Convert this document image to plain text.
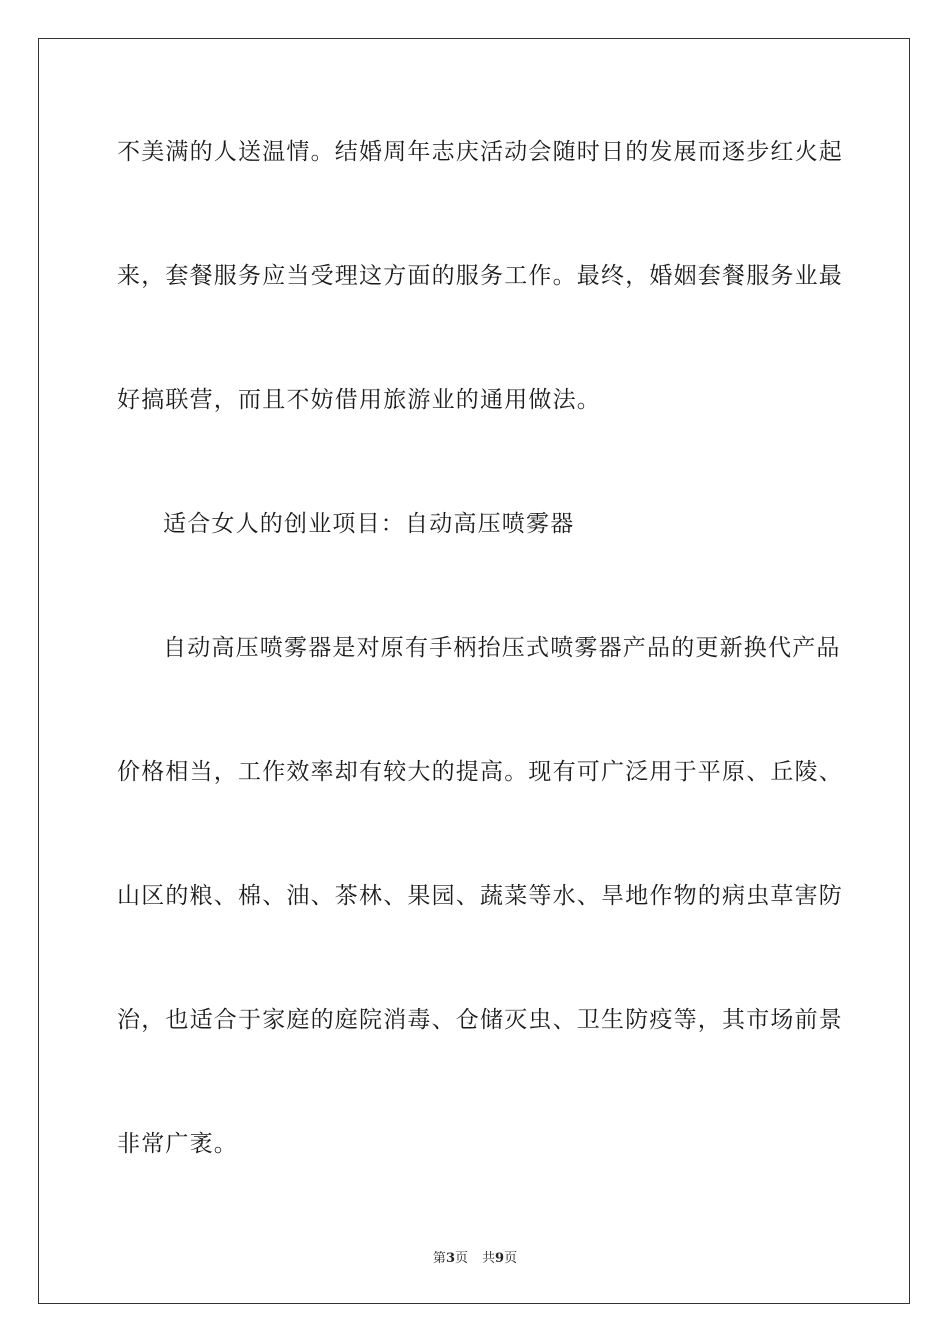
不美满的人送温情。结婚周年志庆活动会随时日的发展而逐步红火起
来，套餐服务应当受理这方面的服务工作。最终，婚姻套餐服务业最
好搞联营，而且不妨借用旅游业的通用做法。
适合女人的创业项目：自动高压喷雾器
自动高压喷雾器是对原有手柄抬压式喷雾器产品的更新换代产品
价格相当，工作效率却有较大的提高。现有可广泛用于平原、丘陵、
山区的粮、棉、油、茶林、果园、蔬菜等水、旱地作物的病虫草害防
治，也适合于家庭的庭院消毒、仓储灭虫、卫生防疫等，其市场前景
非常广袤。
第3页 共9页
